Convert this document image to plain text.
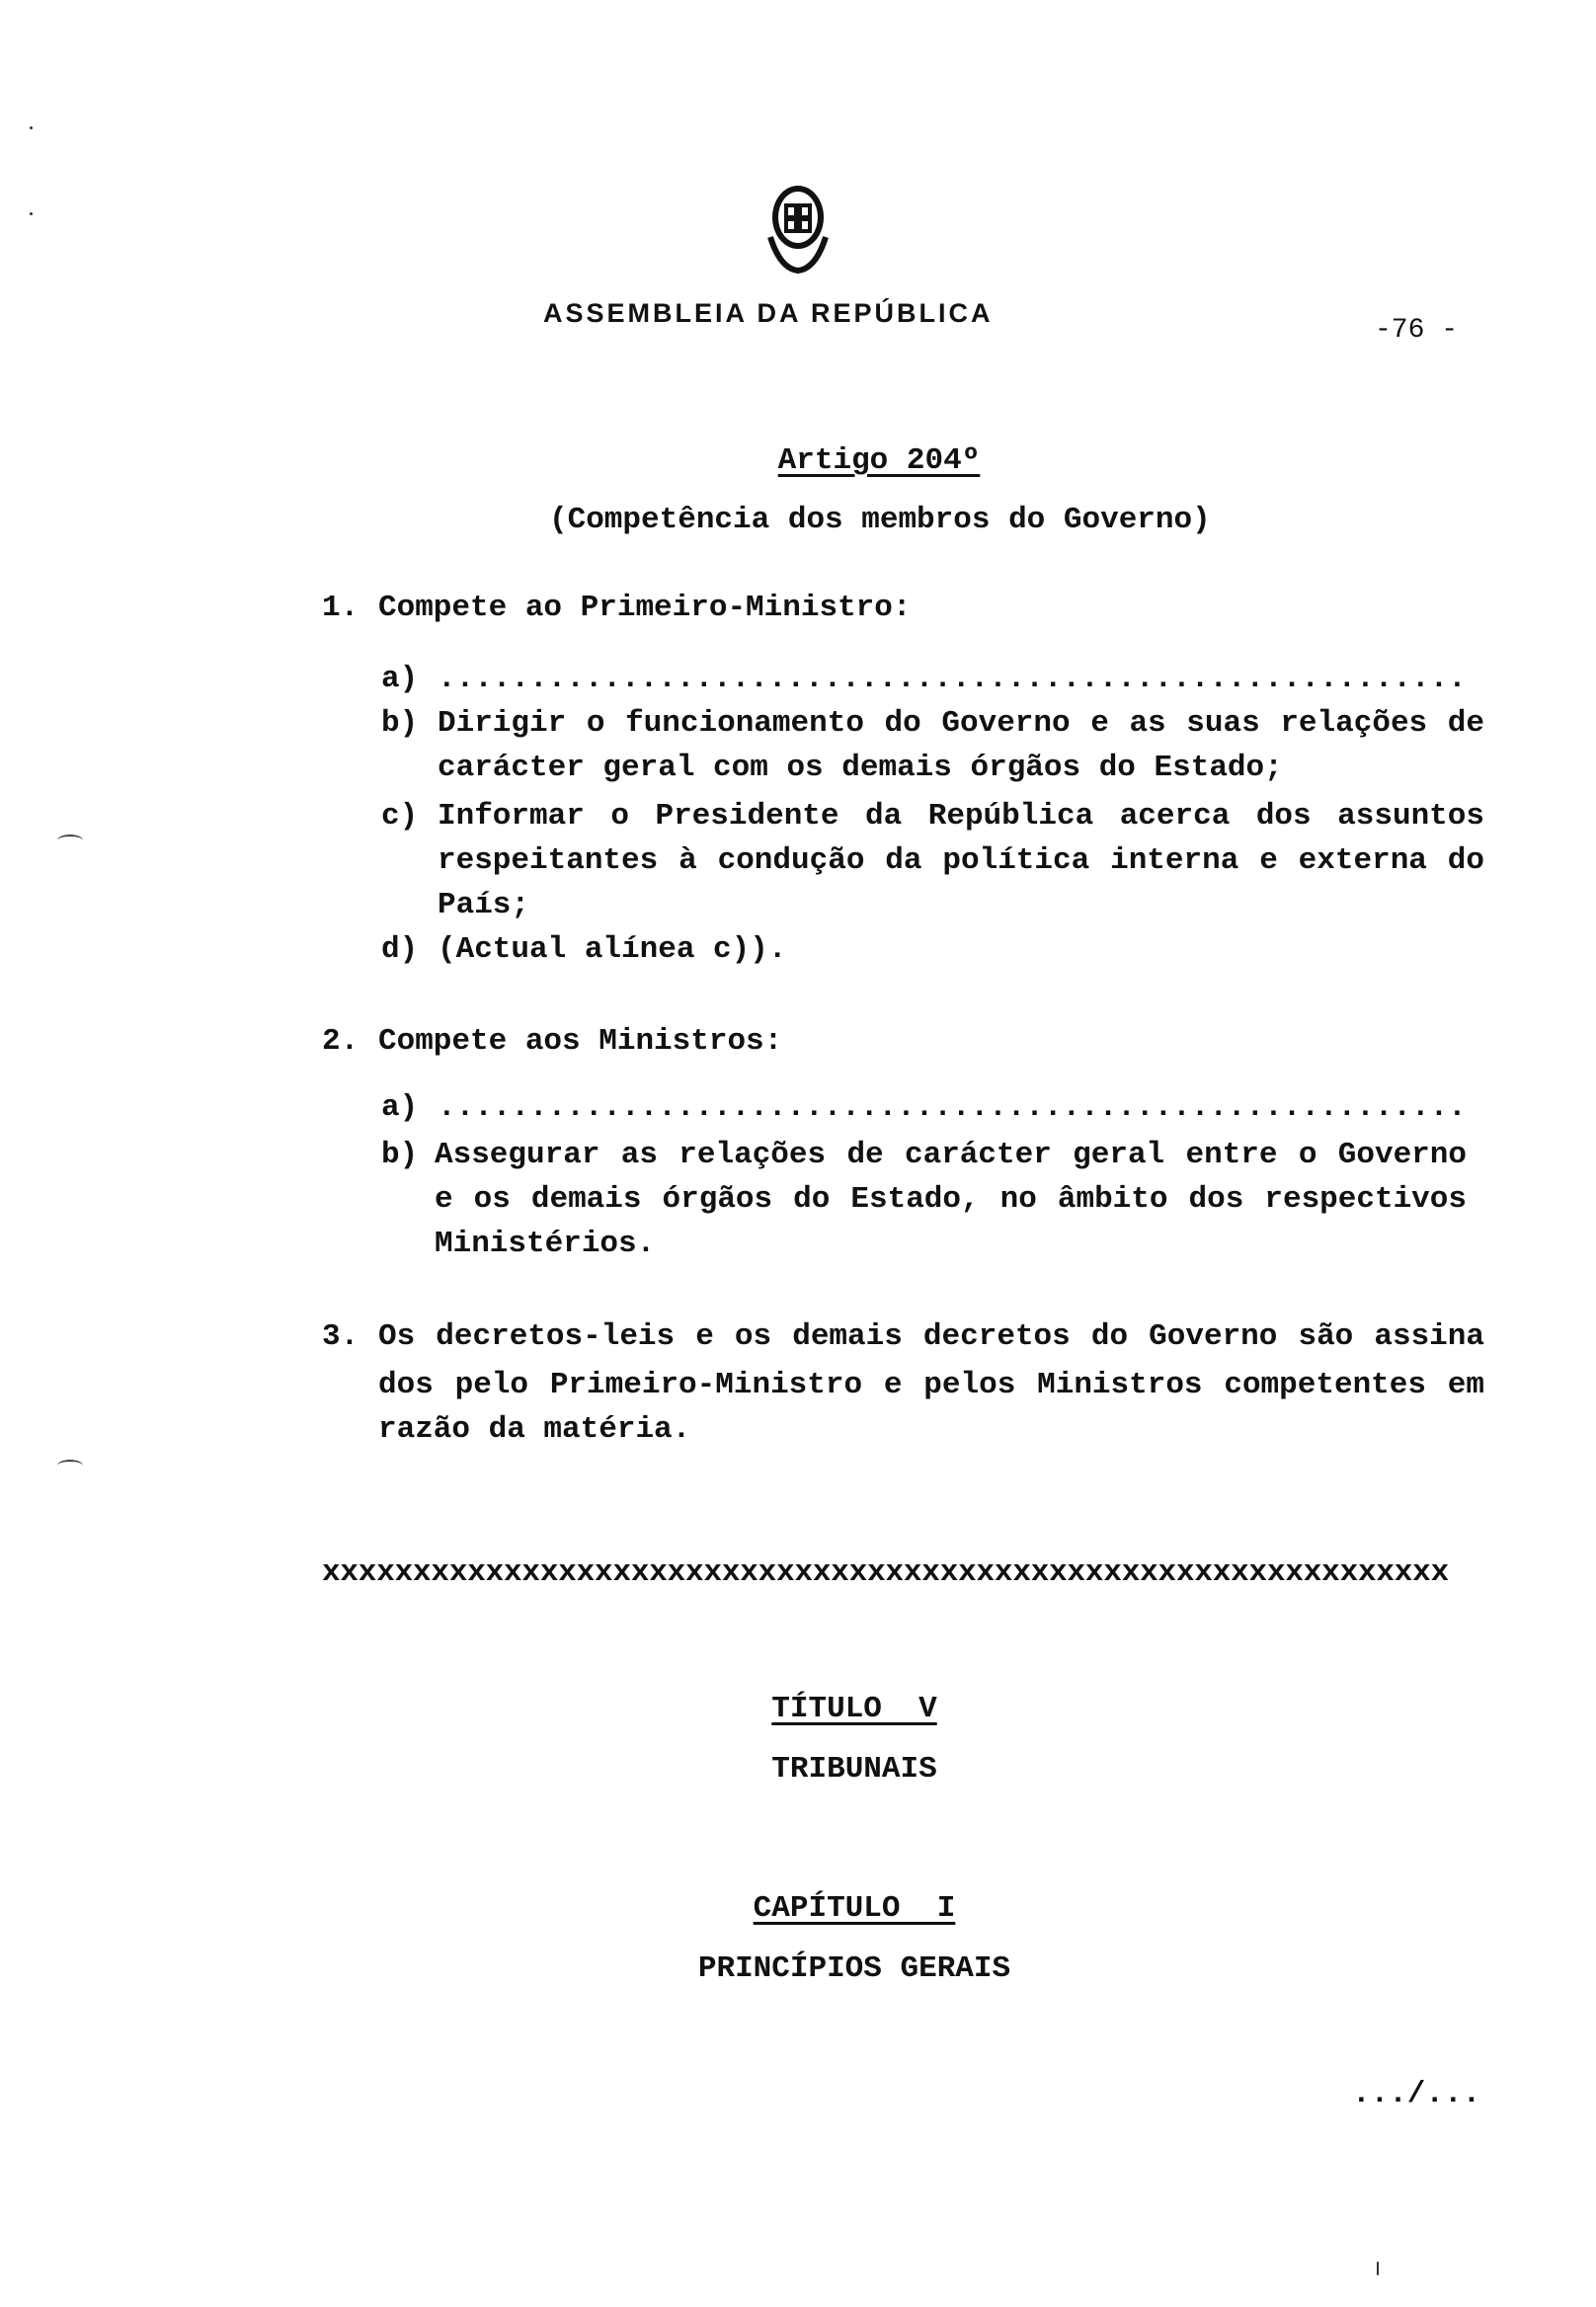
ASSEMBLEIA DA REPÚBLICA
-76 -
Artigo 204º
(Competência dos membros do Governo)
1. Compete ao Primeiro-Ministro:
a) ........................................................
b) Dirigir o funcionamento do Governo e as suas relações de
carácter geral com os demais órgãos do Estado;
c) Informar o Presidente da República acerca dos assuntos
respeitantes à condução da política interna e externa do
País;
d) (Actual alínea c)).
2. Compete aos Ministros:
a) ........................................................
b) Assegurar as relações de carácter geral entre o Governo
e os demais órgãos do Estado, no âmbito dos respectivos
Ministérios.
3. Os decretos-leis e os demais decretos do Governo são assina
dos pelo Primeiro-Ministro e pelos Ministros competentes em
razão da matéria.
xxxxxxxxxxxxxxxxxxxxxxxxxxxxxxxxxxxxxxxxxxxxxxxxxxxxxxxxxxxxxx
TÍTULO  V
TRIBUNAIS
CAPÍTULO  I
PRINCÍPIOS GERAIS
.../...
